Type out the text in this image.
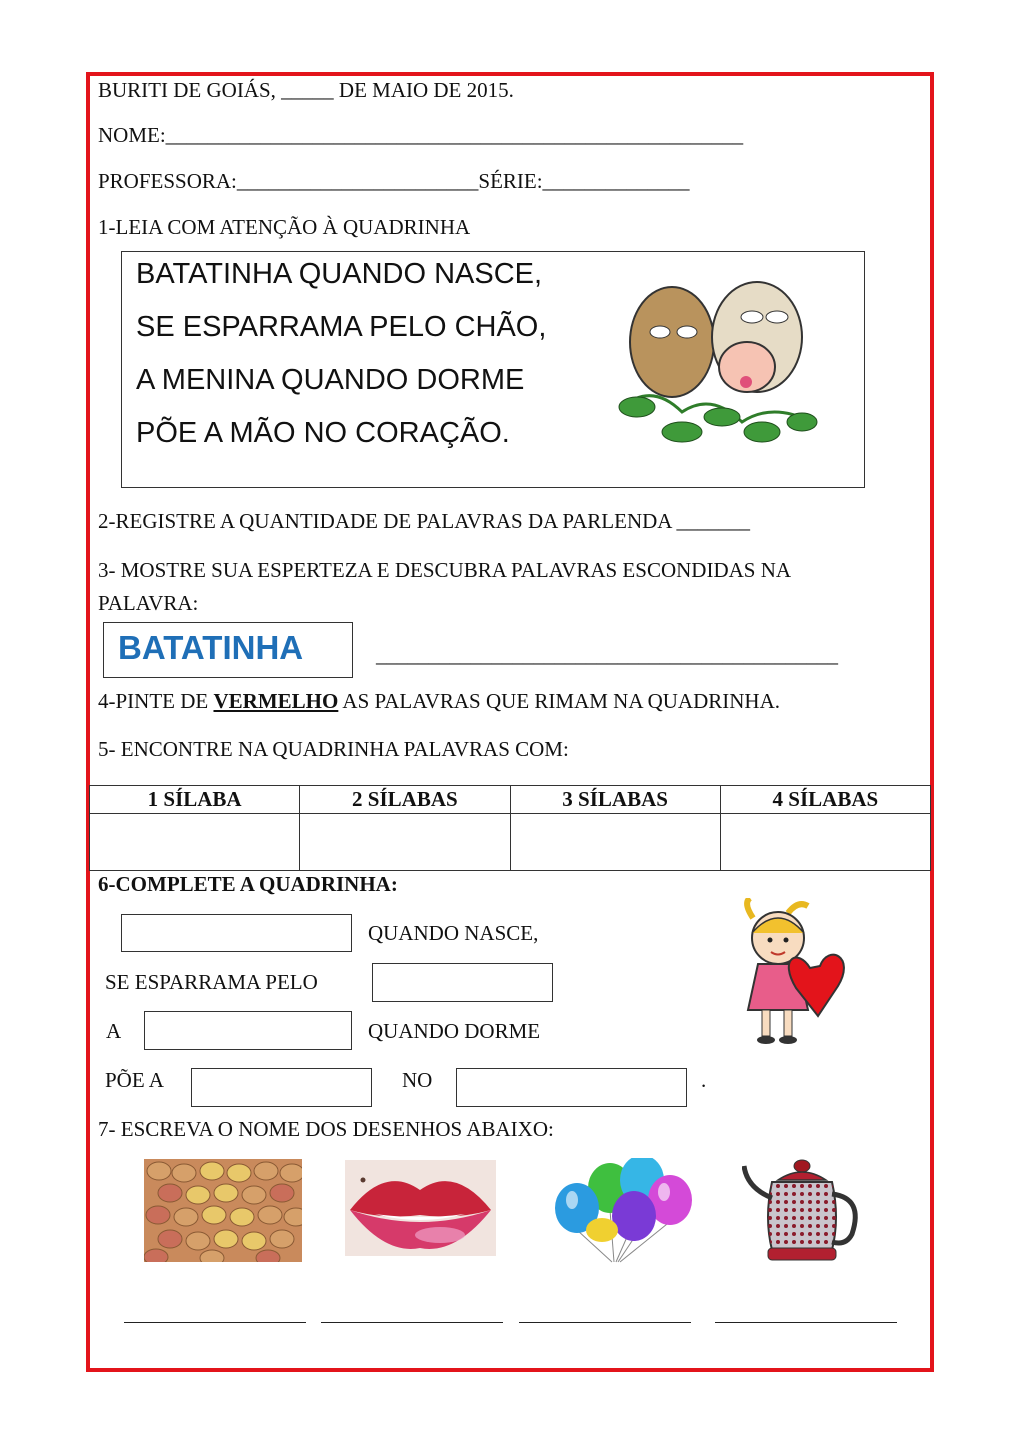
BURITI DE GOIÁS, _____ DE MAIO DE 2015.
NOME:_______________________________________________________
PROFESSORA:_______________________SÉRIE:______________
1-LEIA COM ATENÇÃO À QUADRINHA
BATATINHA QUANDO NASCE,
SE ESPARRAMA PELO CHÃO,
A MENINA QUANDO DORME
PÕE A MÃO NO CORAÇÃO.
2-REGISTRE A QUANTIDADE DE PALAVRAS DA PARLENDA _______
3- MOSTRE SUA ESPERTEZA E DESCUBRA PALAVRAS ESCONDIDAS NA
PALAVRA:
BATATINHA	____________________________________________
4-PINTE DE VERMELHO AS PALAVRAS QUE RIMAM NA QUADRINHA.
5- ENCONTRE NA QUADRINHA PALAVRAS COM:
1 SÍLABA	2 SÍLABAS	3 SÍLABAS	4 SÍLABAS

6-COMPLETE A QUADRINHA:
QUANDO NASCE,
SE ESPARRAMA PELO
A	QUANDO DORME
PÕE A	NO	.
7- ESCREVA O NOME DOS DESENHOS ABAIXO:
